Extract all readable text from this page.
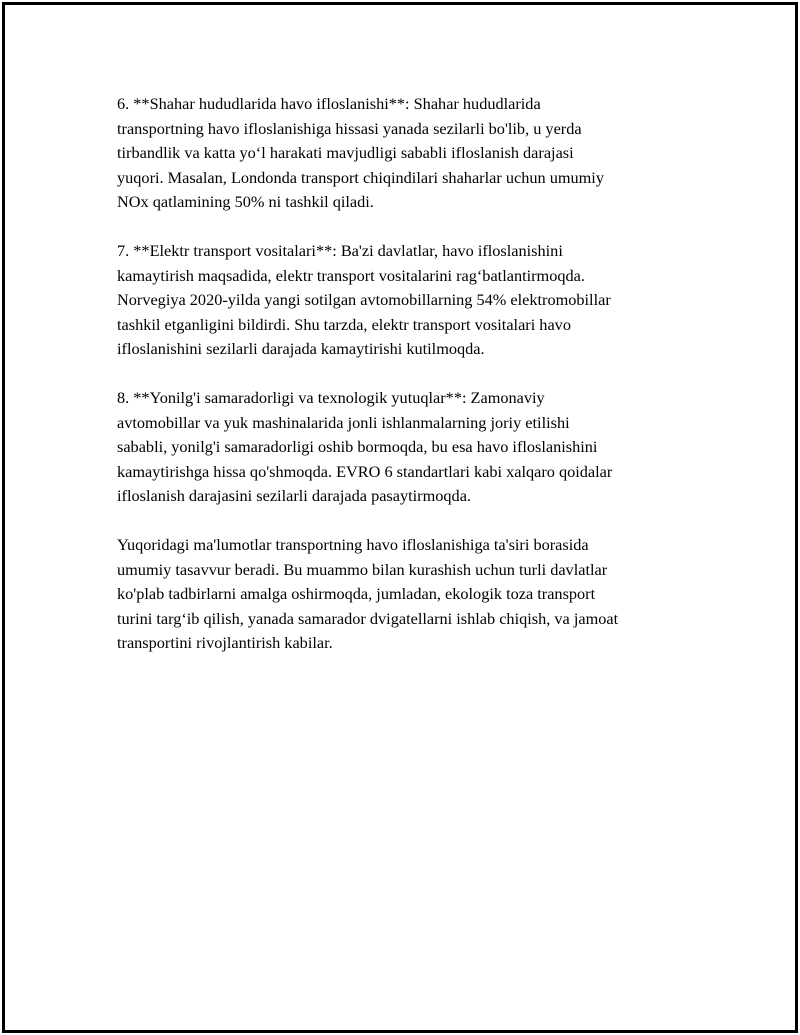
6. **Shahar hududlarida havo ifloslanishi**: Shahar hududlarida
transportning havo ifloslanishiga hissasi yanada sezilarli bo'lib, u yerda
tirbandlik va katta yo‘l harakati mavjudligi sababli ifloslanish darajasi
yuqori. Masalan, Londonda transport chiqindilari shaharlar uchun umumiy
NOx qatlamining 50% ni tashkil qiladi.

7. **Elektr transport vositalari**: Ba'zi davlatlar, havo ifloslanishini
kamaytirish maqsadida, elektr transport vositalarini rag‘batlantirmoqda.
Norvegiya 2020-yilda yangi sotilgan avtomobillarning 54% elektromobillar
tashkil etganligini bildirdi. Shu tarzda, elektr transport vositalari havo
ifloslanishini sezilarli darajada kamaytirishi kutilmoqda.

8. **Yonilg'i samaradorligi va texnologik yutuqlar**: Zamonaviy
avtomobillar va yuk mashinalarida jonli ishlanmalarning joriy etilishi
sababli, yonilg'i samaradorligi oshib bormoqda, bu esa havo ifloslanishini
kamaytirishga hissa qo'shmoqda. EVRO 6 standartlari kabi xalqaro qoidalar
ifloslanish darajasini sezilarli darajada pasaytirmoqda.

Yuqoridagi ma'lumotlar transportning havo ifloslanishiga ta'siri borasida
umumiy tasavvur beradi. Bu muammo bilan kurashish uchun turli davlatlar
ko'plab tadbirlarni amalga oshirmoqda, jumladan, ekologik toza transport
turini targ‘ib qilish, yanada samarador dvigatellarni ishlab chiqish, va jamoat
transportini rivojlantirish kabilar.
